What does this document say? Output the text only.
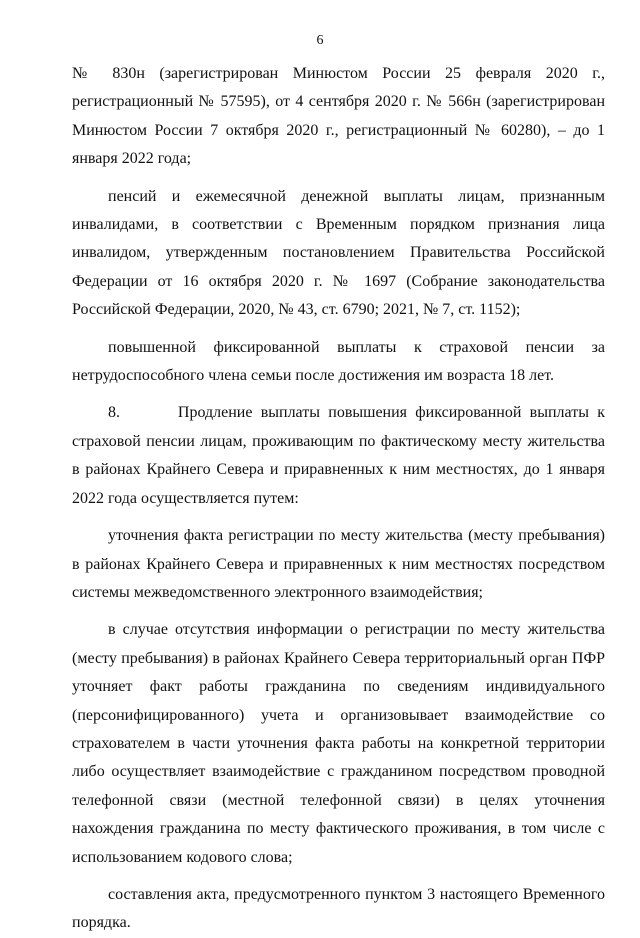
6

№ 830н (зарегистрирован Минюстом России 25 февраля 2020 г., регистрационный № 57595), от 4 сентября 2020 г. № 566н (зарегистрирован Минюстом России 7 октября 2020 г., регистрационный № 60280), – до 1 января 2022 года;

пенсий и ежемесячной денежной выплаты лицам, признанным инвалидами, в соответствии с Временным порядком признания лица инвалидом, утвержденным постановлением Правительства Российской Федерации от 16 октября 2020 г. № 1697 (Собрание законодательства Российской Федерации, 2020, № 43, ст. 6790; 2021, № 7, ст. 1152);

повышенной фиксированной выплаты к страховой пенсии за нетрудоспособного члена семьи после достижения им возраста 18 лет.

8.       Продление выплаты повышения фиксированной выплаты к страховой пенсии лицам, проживающим по фактическому месту жительства в районах Крайнего Севера и приравненных к ним местностях, до 1 января 2022 года осуществляется путем:

уточнения факта регистрации по месту жительства (месту пребывания) в районах Крайнего Севера и приравненных к ним местностях посредством системы межведомственного электронного взаимодействия;

в случае отсутствия информации о регистрации по месту жительства (месту пребывания) в районах Крайнего Севера территориальный орган ПФР уточняет факт работы гражданина по сведениям индивидуального (персонифицированного) учета и организовывает взаимодействие со страхователем в части уточнения факта работы на конкретной территории либо осуществляет взаимодействие с гражданином посредством проводной телефонной связи (местной телефонной связи) в целях уточнения нахождения гражданина по месту фактического проживания, в том числе с использованием кодового слова;

составления акта, предусмотренного пунктом 3 настоящего Временного порядка.
